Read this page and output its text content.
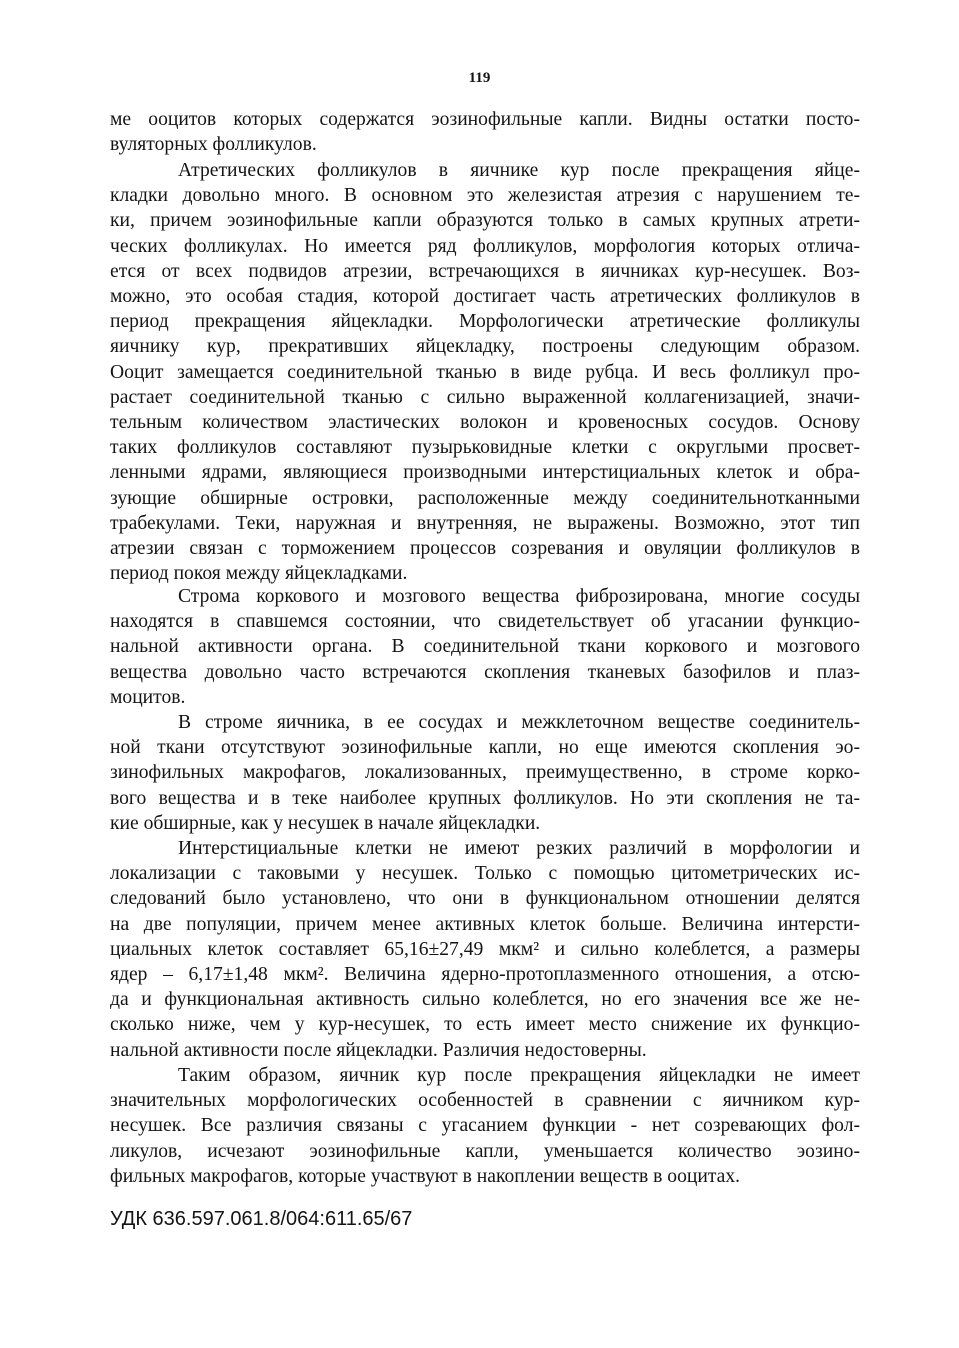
119

ме ооцитов которых содержатся эозинофильные капли. Видны остатки посто-
вуляторных фолликулов.

Атретических фолликулов в яичнике кур после прекращения яйце-
кладки довольно много. В основном это железистая атрезия с нарушением те-
ки, причем эозинофильные капли образуются только в самых крупных атрети-
ческих фолликулах. Но имеется ряд фолликулов, морфология которых отлича-
ется от всех подвидов атрезии, встречающихся в яичниках кур-несушек. Воз-
можно, это особая стадия, которой достигает часть атретических фолликулов в
период прекращения яйцекладки. Морфологически атретические фолликулы
яичнику кур, прекративших яйцекладку, построены следующим образом.
Ооцит замещается соединительной тканью в виде рубца. И весь фолликул про-
растает соединительной тканью с сильно выраженной коллагенизацией, значи-
тельным количеством эластических волокон и кровеносных сосудов. Основу
таких фолликулов составляют пузырьковидные клетки с округлыми просвет-
ленными ядрами, являющиеся производными интерстициальных клеток и обра-
зующие обширные островки, расположенные между соединительнотканными
трабекулами. Теки, наружная и внутренняя, не выражены. Возможно, этот тип
атрезии связан с торможением процессов созревания и овуляции фолликулов в
период покоя между яйцекладками.

Строма коркового и мозгового вещества фиброзирована, многие сосуды
находятся в спавшемся состоянии, что свидетельствует об угасании функцио-
нальной активности органа. В соединительной ткани коркового и мозгового
вещества довольно часто встречаются скопления тканевых базофилов и плаз-
моцитов.

В строме яичника, в ее сосудах и межклеточном веществе соединитель-
ной ткани отсутствуют эозинофильные капли, но еще имеются скопления эо-
зинофильных макрофагов, локализованных, преимущественно, в строме корко-
вого вещества и в теке наиболее крупных фолликулов. Но эти скопления не та-
кие обширные, как у несушек в начале яйцекладки.

Интерстициальные клетки не имеют резких различий в морфологии и
локализации с таковыми у несушек. Только с помощью цитометрических ис-
следований было установлено, что они в функциональном отношении делятся
на две популяции, причем менее активных клеток больше. Величина интерсти-
циальных клеток составляет 65,16±27,49 мкм² и сильно колеблется, а размеры
ядер – 6,17±1,48 мкм². Величина ядерно-протоплазменного отношения, а отсю-
да и функциональная активность сильно колеблется, но его значения все же не-
сколько ниже, чем у кур-несушек, то есть имеет место снижение их функцио-
нальной активности после яйцекладки. Различия недостоверны.

Таким образом, яичник кур после прекращения яйцекладки не имеет
значительных морфологических особенностей в сравнении с яичником кур-
несушек. Все различия связаны с угасанием функции - нет созревающих фол-
ликулов, исчезают эозинофильные капли, уменьшается количество эозино-
фильных макрофагов, которые участвуют в накоплении веществ в ооцитах.

УДК 636.597.061.8/064:611.65/67
